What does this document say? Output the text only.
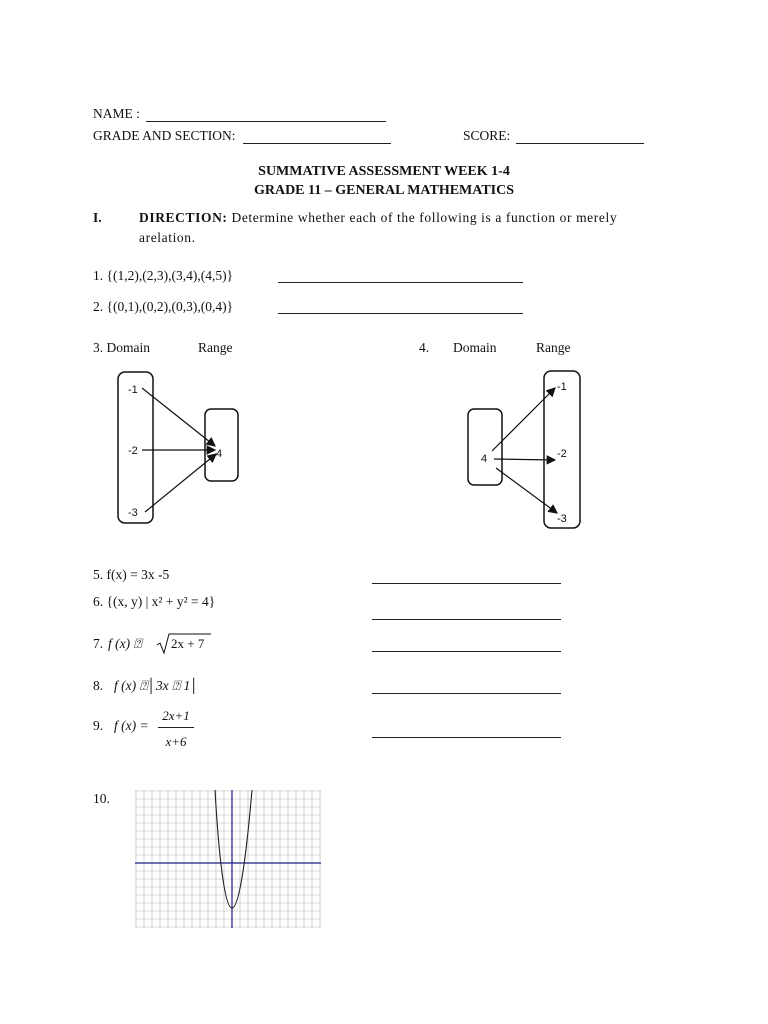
NAME :
GRADE AND SECTION:	SCORE:
SUMMATIVE ASSESSMENT WEEK 1-4
GRADE 11 – GENERAL MATHEMATICS
I.	DIRECTION: Determine whether each of the following is a function or merely arelation.
1. {(1,2),(2,3),(3,4),(4,5)}
2. {(0,1),(0,2),(0,3),(0,4)}
3. Domain	Range	4. Domain	Range
-1
-2
-3
4	4
-1
-2
-3
5. f(x) = 3x -5
6. {(x, y) | x² + y² = 4}
7. f (x) ⍰ 2x + 7
8. f (x) ⍰│3x ⍰ 1│
9. f (x) =
2x+1
x+6
10.
